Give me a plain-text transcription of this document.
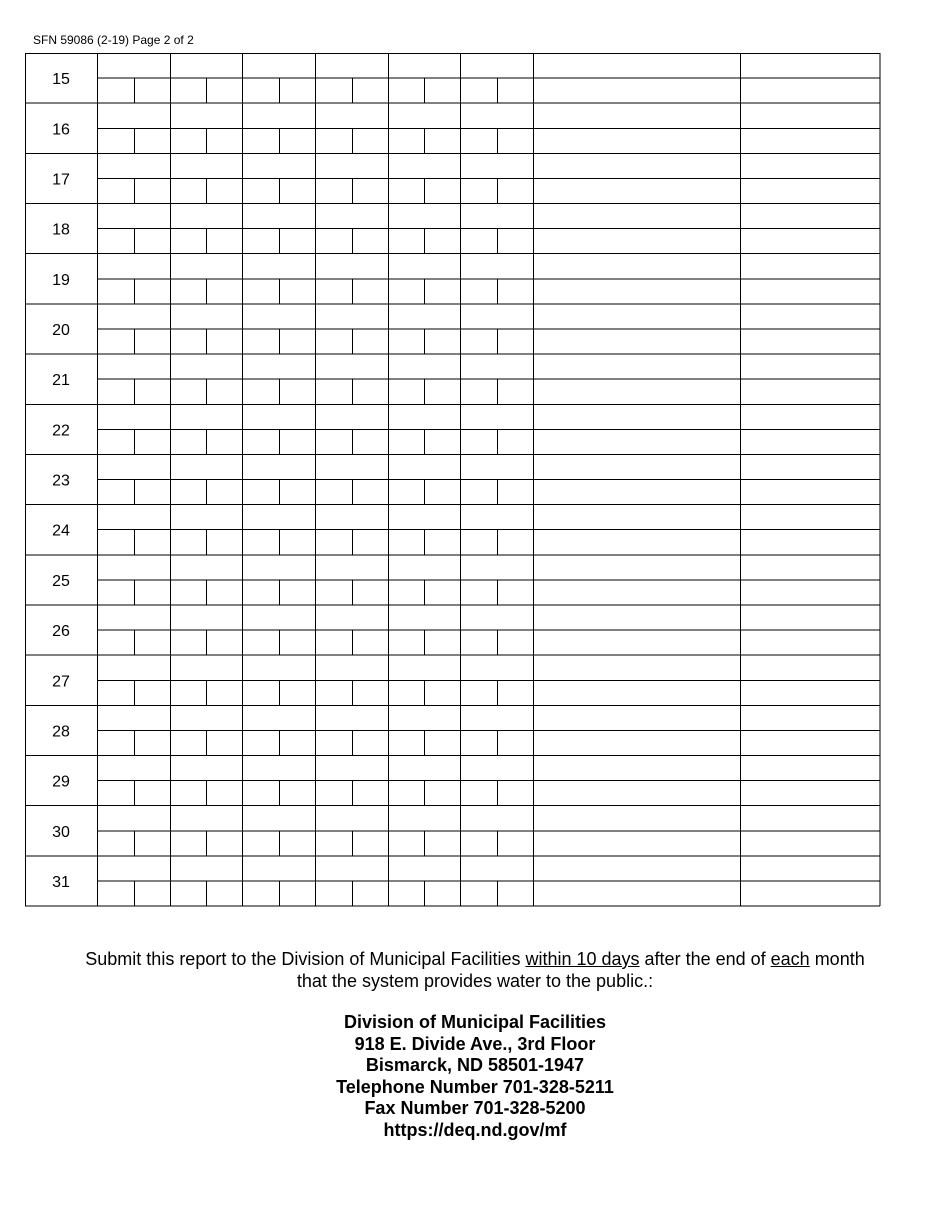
SFN 59086 (2-19) Page 2 of 2
15
16
17
18
19
20
21
22
23
24
25
26
27
28
29
30
31
Submit this report to the Division of Municipal Facilities within 10 days after the end of each month
that the system provides water to the public.:
Division of Municipal Facilities
918 E. Divide Ave., 3rd Floor
Bismarck, ND 58501-1947
Telephone Number 701-328-5211
Fax Number 701-328-5200
https://deq.nd.gov/mf
